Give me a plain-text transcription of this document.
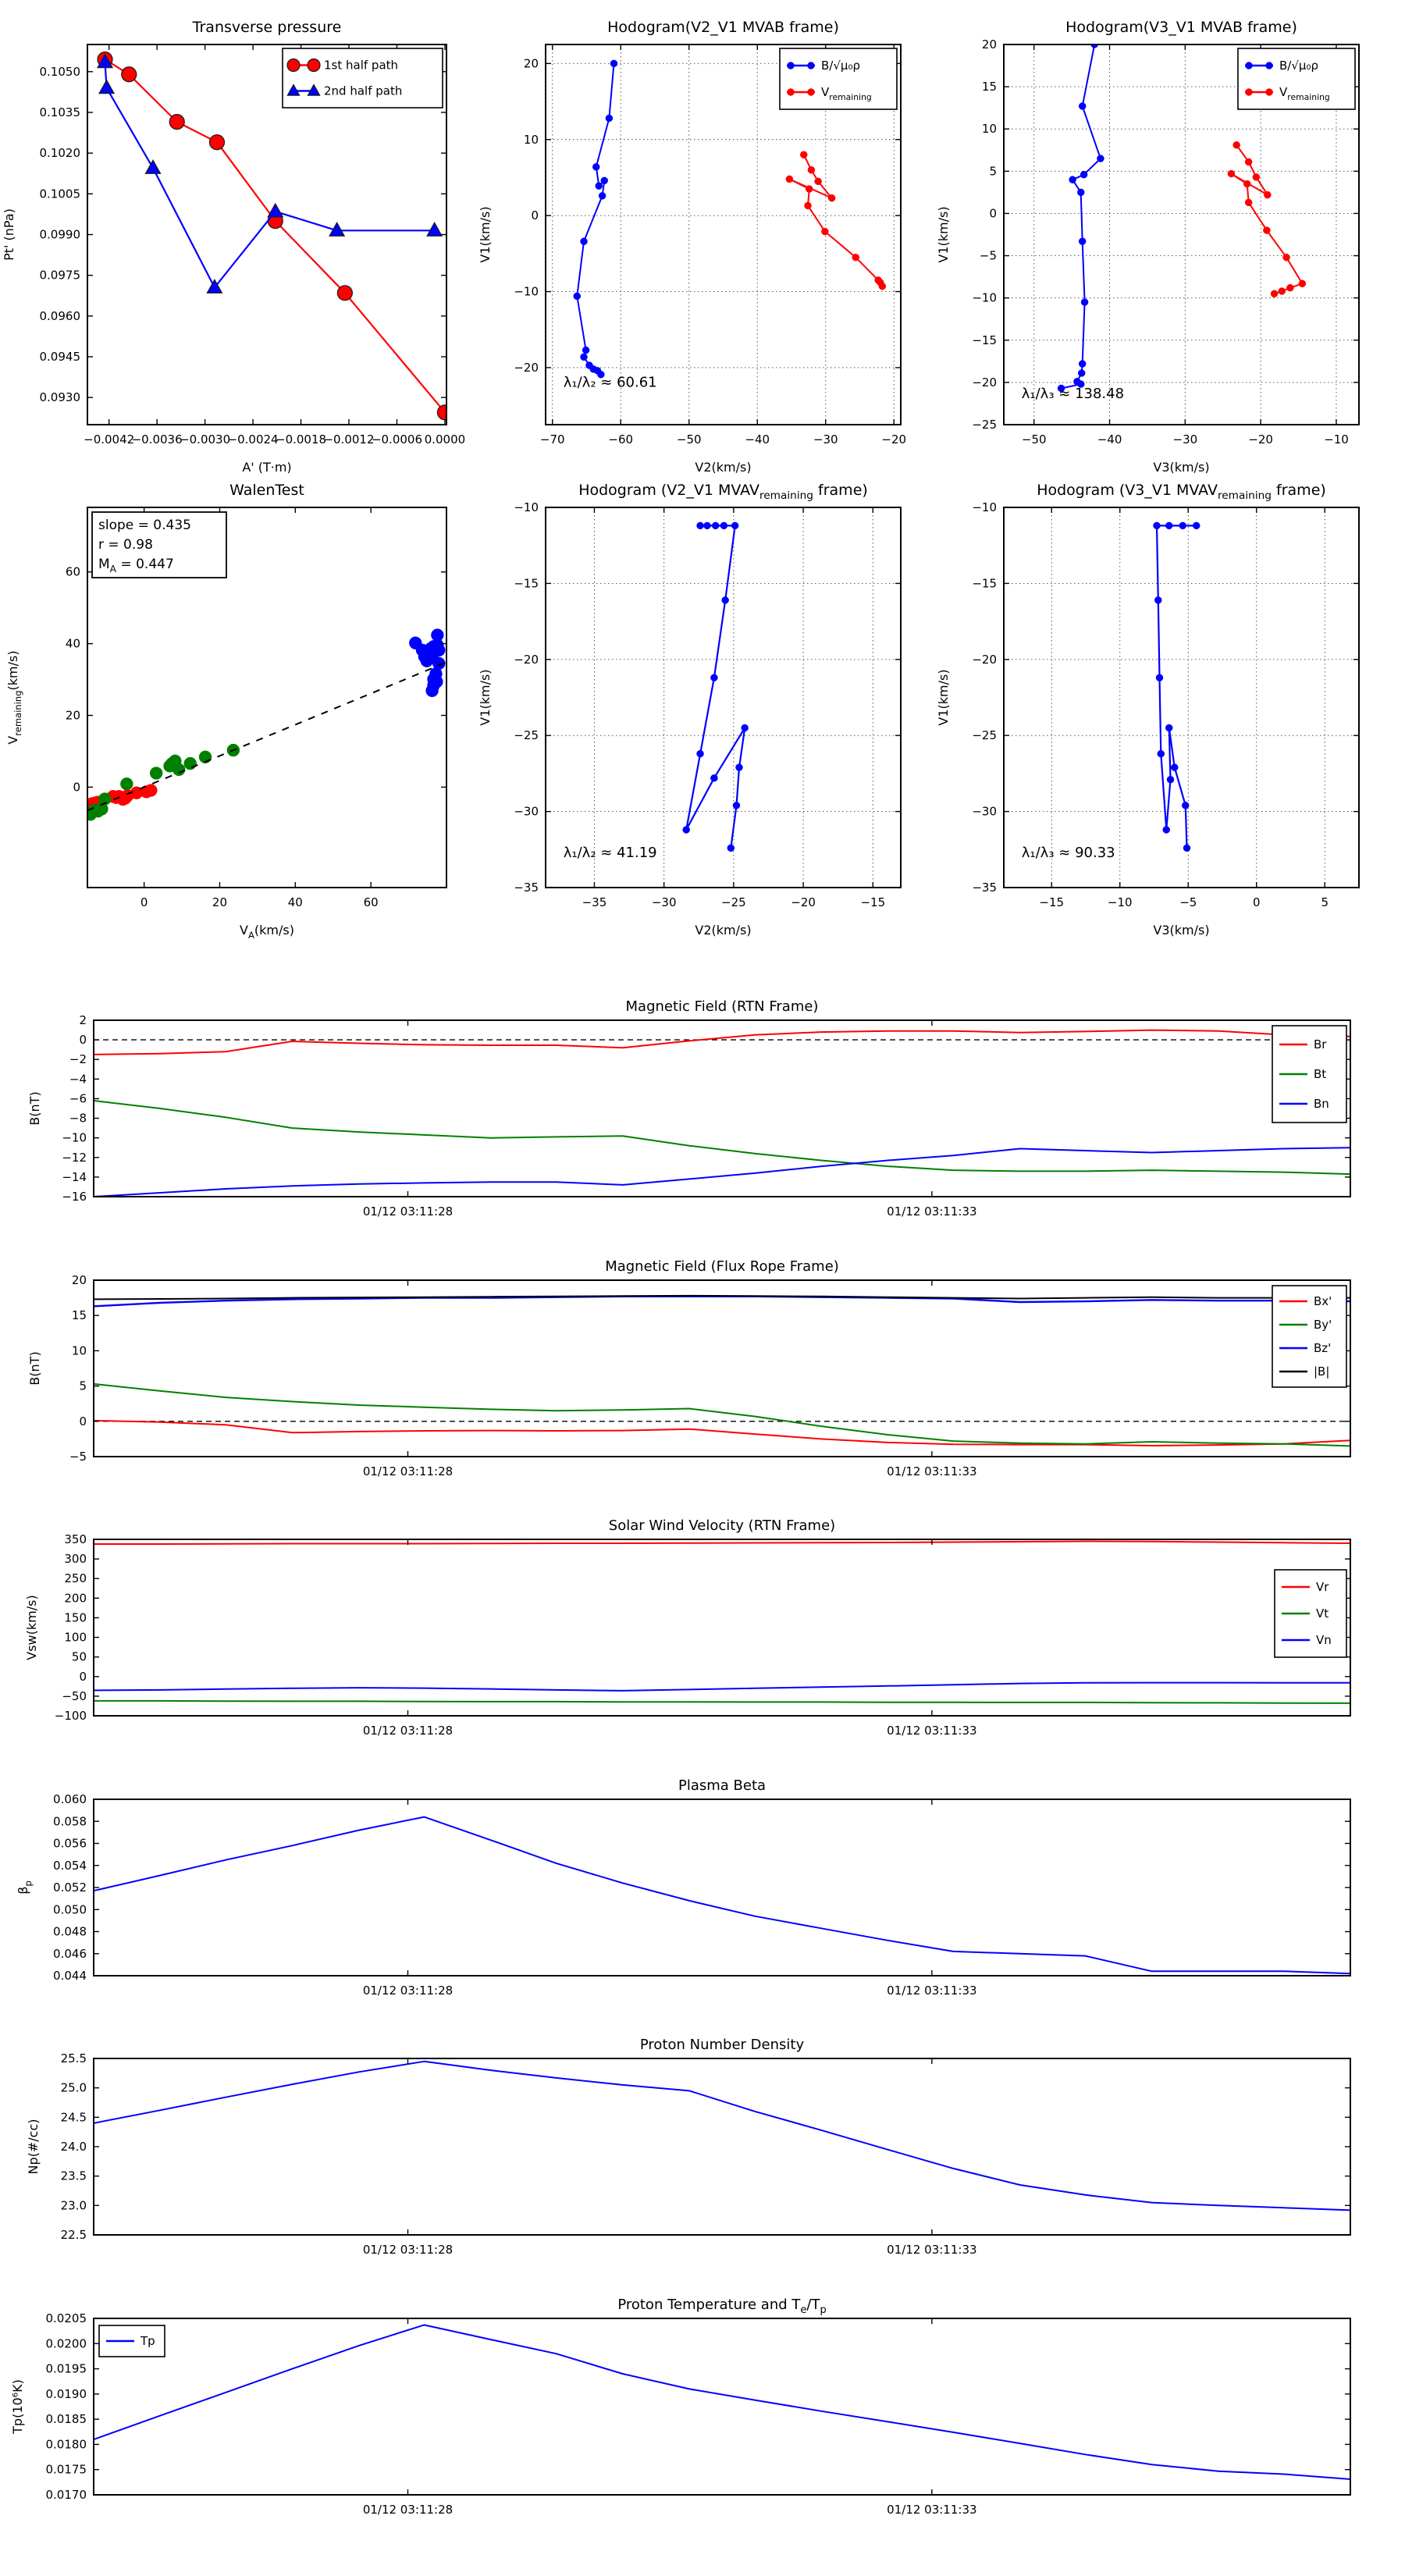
−0.0042
−0.0036
−0.0030
−0.0024
−0.0018
−0.0012
−0.0006 0.0000
0.0930
0.0945
0.0960
0.0975
0.0990
0.1005
0.1020
0.1035
0.1050
Transverse pressure
A' (T·m)
Pt' (nPa)
1st half path
2nd half path
−70	−60	−50	−40	−30	−20
−20
−10
0
10
20
Hodogram(V2_V1 MVAB frame)
V2(km/s)
V1(km/s)
B/√μ₀ρ
$V_{remaining}$
λ₁/λ₂ ≈ 60.61
−50	−40	−30	−20	−10
−25
−20
−15
−10
−5
0
5
10
15
20
Hodogram(V3_V1 MVAB frame)
V3(km/s)
V1(km/s)
B/√μ₀ρ
$V_{remaining}$
λ₁/λ₃ ≈ 138.48
0	20	40	60
0
20
40
60
WalenTest
$V_A(km/s)$
$V_{remaining}(km/s)$
slope = 0.435
r = 0.98
$M_A = 0.447$
−35	−30	−25	−20	−15
−35
−30
−25
−20
−15
−10
Hodogram (V2_V1 $MVAV_{remaining}$ frame)
V2(km/s)
V1(km/s)
λ₁/λ₂ ≈ 41.19
−15	−10	−5	0	5
−35
−30
−25
−20
−15
−10
Hodogram (V3_V1 $MVAV_{remaining}$ frame)
V3(km/s)
V1(km/s)
λ₁/λ₃ ≈ 90.33
01/12 03:11:28	01/12 03:11:33
−16
−14
−12
−10
−8
−6
−4
−2
0
2
Magnetic Field (RTN Frame)
B(nT)
Br
Bt
Bn
01/12 03:11:28	01/12 03:11:33
−5
0
5
10
15
20
Magnetic Field (Flux Rope Frame)
B(nT)
Bx'
By'
Bz'
|B|
01/12 03:11:28	01/12 03:11:33
−100
−50
0
50
100
150
200
250
300
350
Solar Wind Velocity (RTN Frame)
Vsw(km/s)
Vr
Vt
Vn
01/12 03:11:28	01/12 03:11:33
0.044
0.046
0.048
0.050
0.052
0.054
0.056
0.058
0.060
Plasma Beta
$\beta_p$
01/12 03:11:28	01/12 03:11:33
22.5
23.0
23.5
24.0
24.5
25.0
25.5
Proton Number Density
Np(#/cc)
01/12 03:11:28	01/12 03:11:33
0.0170
0.0175
0.0180
0.0185
0.0190
0.0195
0.0200
0.0205
Proton Temperature and $T_e/T_p$
Tp(10⁶K)
Tp
